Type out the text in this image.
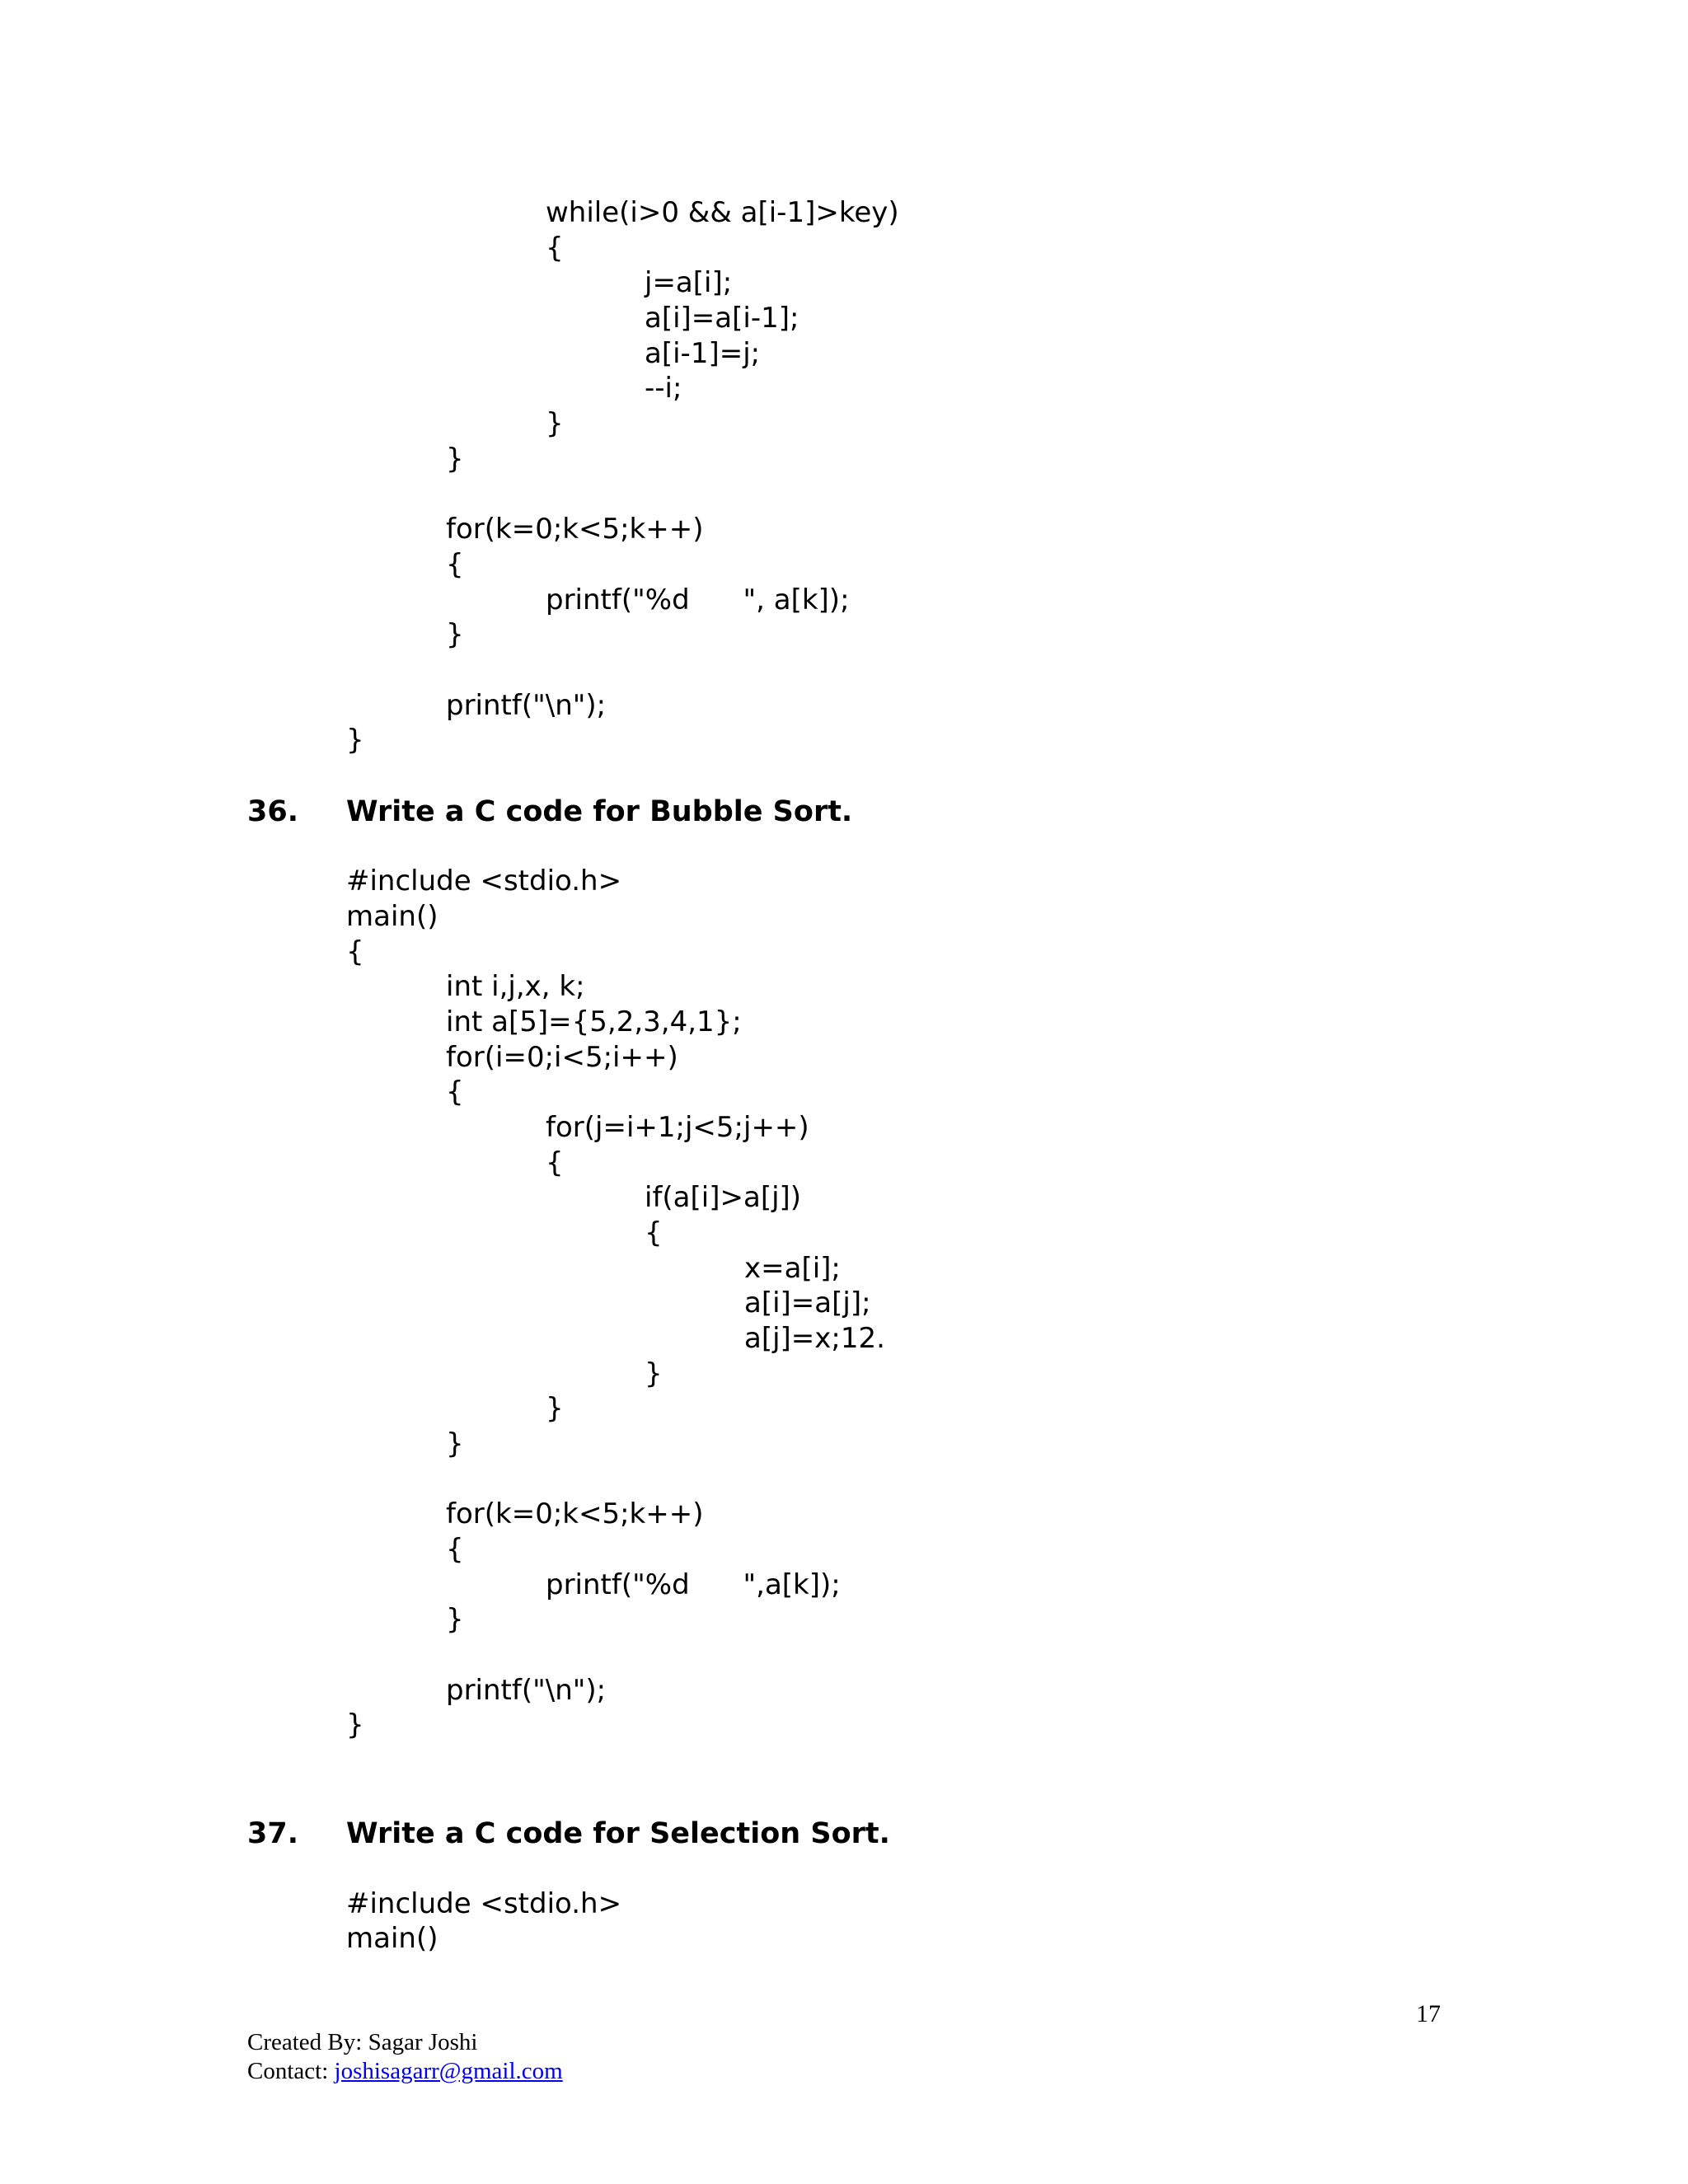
while(i>0 && a[i-1]>key)
{
j=a[i];
a[i]=a[i-1];
a[i-1]=j;
--i;
}
}
for(k=0;k<5;k++)
{
printf("%d      ", a[k]);
}
printf("\n");
}
36. Write a C code for Bubble Sort.
#include <stdio.h>
main()
{
int i,j,x, k;
int a[5]={5,2,3,4,1};
for(i=0;i<5;i++)
{
for(j=i+1;j<5;j++)
{
if(a[i]>a[j])
{
x=a[i];
a[i]=a[j];
a[j]=x;12.
}
}
}
for(k=0;k<5;k++)
{
printf("%d      ",a[k]);
}
printf("\n");
}
37. Write a C code for Selection Sort.
#include <stdio.h>
main()
17
Created By: Sagar Joshi
Contact: joshisagarr@gmail.com
